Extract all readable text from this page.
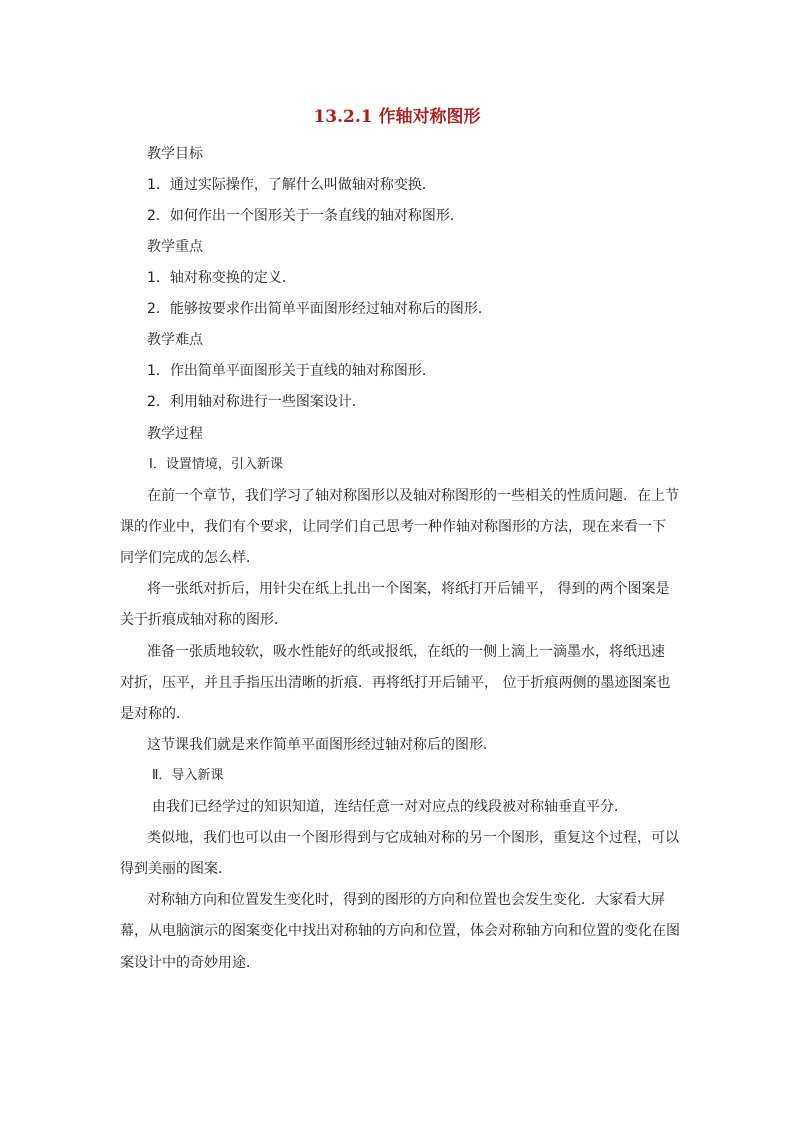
13.2.1 作轴对称图形
教学目标
1．通过实际操作，了解什么叫做轴对称变换．
2．如何作出一个图形关于一条直线的轴对称图形．
教学重点
1．轴对称变换的定义．
2．能够按要求作出简单平面图形经过轴对称后的图形．
教学难点
1．作出简单平面图形关于直线的轴对称图形．
2．利用轴对称进行一些图案设计．
教学过程
Ⅰ．设置情境，引入新课
在前一个章节，我们学习了轴对称图形以及轴对称图形的一些相关的性质问题．在上节
课的作业中，我们有个要求，让同学们自己思考一种作轴对称图形的方法，现在来看一下
同学们完成的怎么样．
将一张纸对折后，用针尖在纸上扎出一个图案，将纸打开后铺平， 得到的两个图案是
关于折痕成轴对称的图形．
准备一张质地较软，吸水性能好的纸或报纸，在纸的一侧上滴上一滴墨水，将纸迅速
对折，压平，并且手指压出清晰的折痕．再将纸打开后铺平， 位于折痕两侧的墨迹图案也
是对称的．
这节课我们就是来作简单平面图形经过轴对称后的图形．
Ⅱ．导入新课
由我们已经学过的知识知道，连结任意一对对应点的线段被对称轴垂直平分．
类似地，我们也可以由一个图形得到与它成轴对称的另一个图形，重复这个过程，可以
得到美丽的图案．
对称轴方向和位置发生变化时，得到的图形的方向和位置也会发生变化．大家看大屏
幕，从电脑演示的图案变化中找出对称轴的方向和位置，体会对称轴方向和位置的变化在图
案设计中的奇妙用途．
